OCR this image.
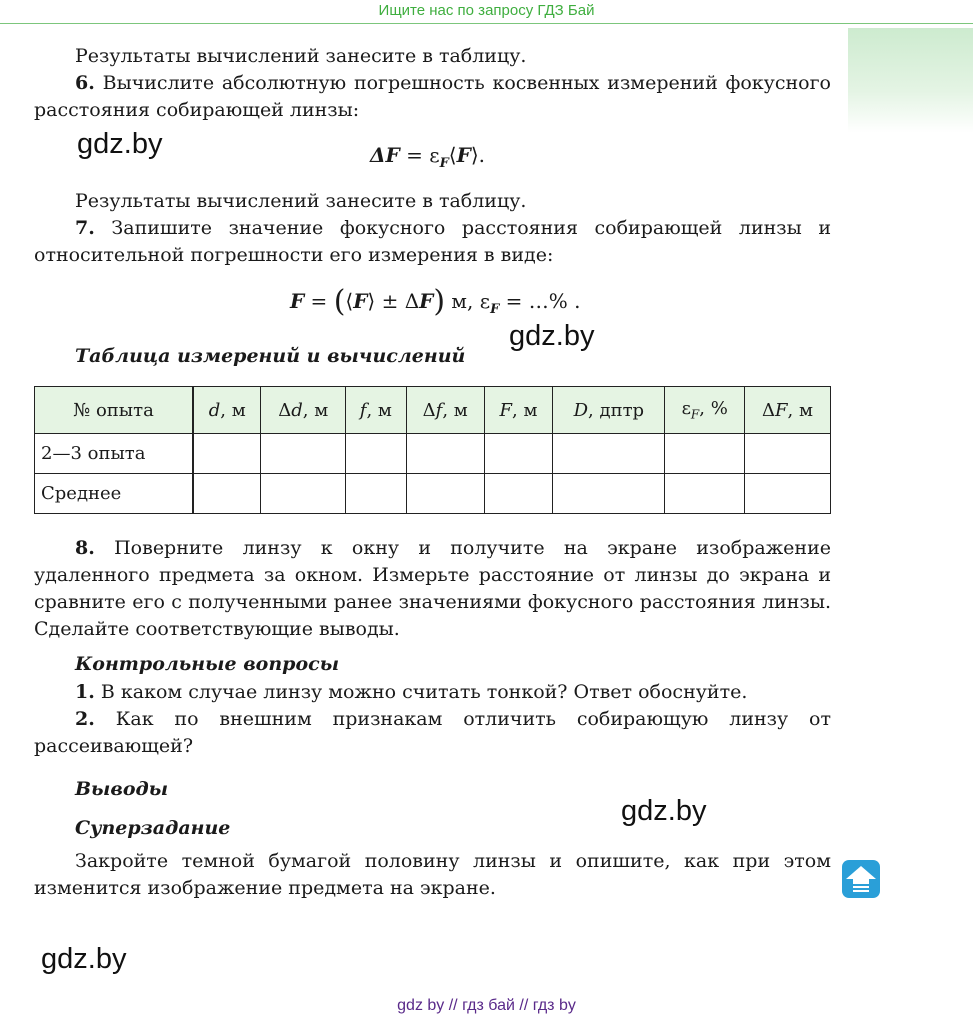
Ищите нас по запросу ГДЗ Бай

Результаты вычислений занесите в таблицу.

6. Вычислите абсолютную погрешность косвенных измерений фокусного расстояния собирающей линзы:

gdz.by	$\Delta F = \varepsilon_F⟨F⟩$.

Результаты вычислений занесите в таблицу.

7. Запишите значение фокусного расстояния собирающей линзы и относительной погрешности его измерения в виде:

F = (⟨F⟩ ± ΔF) м, $\varepsilon_F$ = …% .
gdz.by
Таблица измерений и вычислений
№ опыта	d, м	Δd, м	f, м	Δf, м	F, м	D, дптр	$\varepsilon_F$, %	ΔF, м
2—3 опыта								
Среднее								

8. Поверните линзу к окну и получите на экране изображение удаленного предмета за окном. Измерьте расстояние от линзы до экрана и сравните его с полученными ранее значениями фокусного расстояния линзы. Сделайте соответствующие выводы.

Контрольные вопросы

1. В каком случае линзу можно считать тонкой? Ответ обоснуйте.

2. Как по внешним признакам отличить собирающую линзу от рассеивающей?

Выводы
gdz.by
Суперзадание

Закройте темной бумагой половину линзы и опишите, как при этом изменится изображение предмета на экране.

gdz.by
gdz by // гдз бай // гдз by
